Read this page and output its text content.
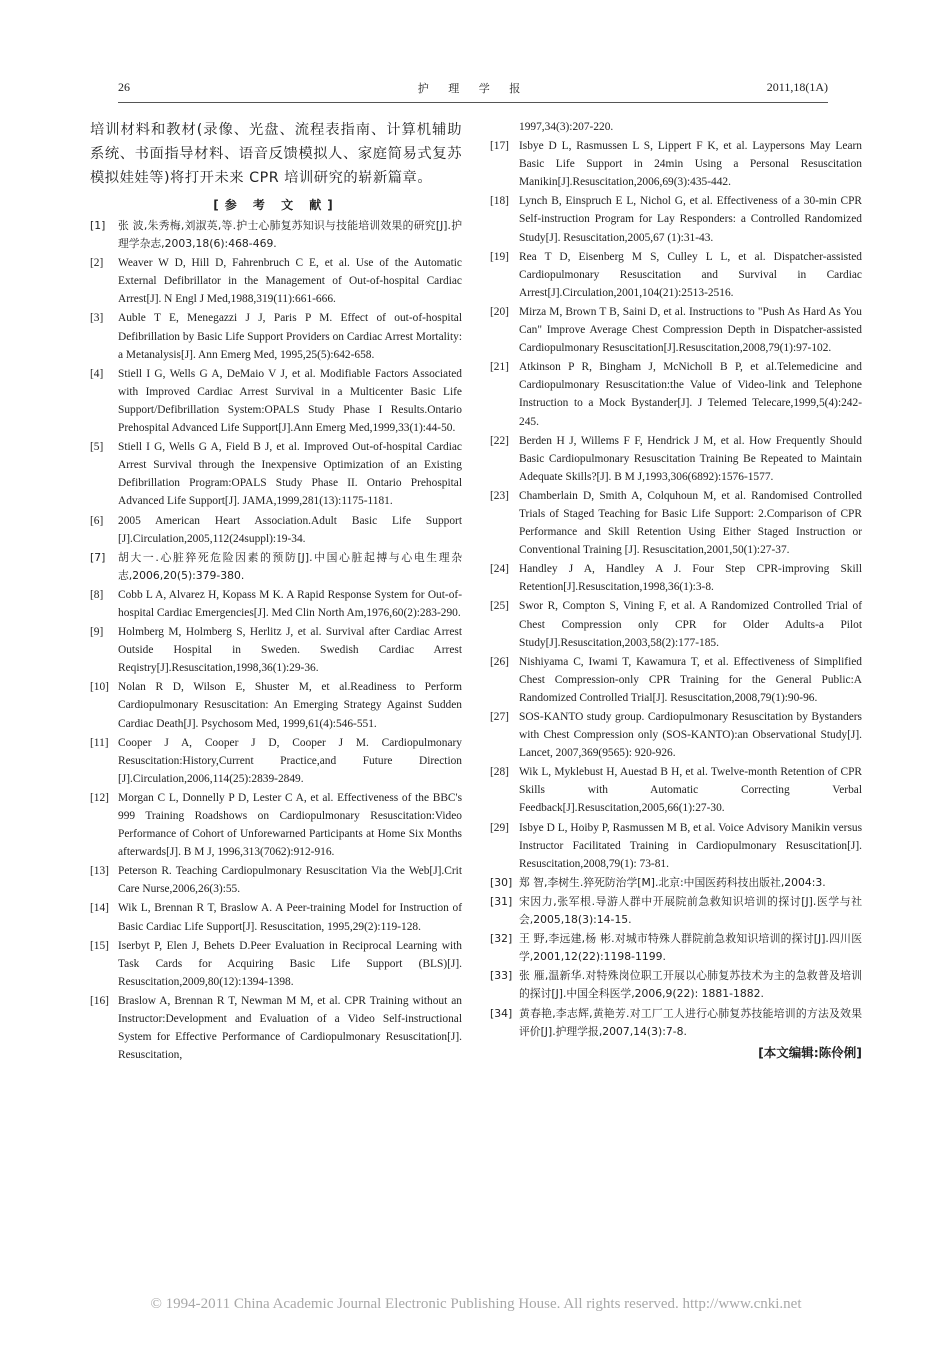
26	护 理 学 报	2011,18(1A)

培训材料和教材(录像、光盘、流程表指南、计算机辅助系统、书面指导材料、语音反馈模拟人、家庭简易式复苏模拟娃娃等)将打开未来 CPR 培训研究的崭新篇章。

[参 考 文 献]
[1] 张 波,朱秀梅,刘淑英,等.护士心肺复苏知识与技能培训效果的研究[J].护理学杂志,2003,18(6):468-469.
[2] Weaver W D, Hill D, Fahrenbruch C E, et al. Use of the Automatic External Defibrillator in the Management of Out-of-hospital Cardiac Arrest[J]. N Engl J Med,1988,319(11):661-666.
[3] Auble T E, Menegazzi J J, Paris P M. Effect of out-of-hospital Defibrillation by Basic Life Support Providers on Cardiac Arrest Mortality: a Metanalysis[J]. Ann Emerg Med, 1995,25(5):642-658.
[4] Stiell I G, Wells G A, DeMaio V J, et al. Modifiable Factors Associated with Improved Cardiac Arrest Survival in a Multicenter Basic Life Support/Defibrillation System:OPALS Study Phase I Results.Ontario Prehospital Advanced Life Support[J].Ann Emerg Med,1999,33(1):44-50.
[5] Stiell I G, Wells G A, Field B J, et al. Improved Out-of-hospital Cardiac Arrest Survival through the Inexpensive Optimization of an Existing Defibrillation Program:OPALS Study Phase II. Ontario Prehospital Advanced Life Support[J]. JAMA,1999,281(13):1175-1181.
[6] 2005 American Heart Association.Adult Basic Life Support [J].Circulation,2005,112(24suppl):19-34.
[7] 胡大一.心脏猝死危险因素的预防[J].中国心脏起搏与心电生理杂志,2006,20(5):379-380.
[8] Cobb L A, Alvarez H, Kopass M K. A Rapid Response System for Out-of-hospital Cardiac Emergencies[J]. Med Clin North Am,1976,60(2):283-290.
[9] Holmberg M, Holmberg S, Herlitz J, et al. Survival after Cardiac Arrest Outside Hospital in Sweden. Swedish Cardiac Arrest Reqistry[J].Resuscitation,1998,36(1):29-36.
[10] Nolan R D, Wilson E, Shuster M, et al.Readiness to Perform Cardiopulmonary Resuscitation: An Emerging Strategy Against Sudden Cardiac Death[J]. Psychosom Med, 1999,61(4):546-551.
[11] Cooper J A, Cooper J D, Cooper J M. Cardiopulmonary Resuscitation:History,Current Practice,and Future Direction [J].Circulation,2006,114(25):2839-2849.
[12] Morgan C L, Donnelly P D, Lester C A, et al. Effectiveness of the BBC's 999 Training Roadshows on Cardiopulmonary Resuscitation:Video Performance of Cohort of Unforewarned Participants at Home Six Months afterwards[J]. B M J, 1996,313(7062):912-916.
[13] Peterson R. Teaching Cardiopulmonary Resuscitation Via the Web[J].Crit Care Nurse,2006,26(3):55.
[14] Wik L, Brennan R T, Braslow A. A Peer-training Model for Instruction of Basic Cardiac Life Support[J]. Resuscitation, 1995,29(2):119-128.
[15] Iserbyt P, Elen J, Behets D.Peer Evaluation in Reciprocal Learning with Task Cards for Acquiring Basic Life Support (BLS)[J]. Resuscitation,2009,80(12):1394-1398.
[16] Braslow A, Brennan R T, Newman M M, et al. CPR Training without an Instructor:Development and Evaluation of a Video Self-instructional System for Effective Performance of Cardiopulmonary Resuscitation[J]. Resuscitation,
1997,34(3):207-220.
[17] Isbye D L, Rasmussen L S, Lippert F K, et al. Laypersons May Learn Basic Life Support in 24min Using a Personal Resuscitation Manikin[J].Resuscitation,2006,69(3):435-442.
[18] Lynch B, Einspruch E L, Nichol G, et al. Effectiveness of a 30-min CPR Self-instruction Program for Lay Responders: a Controlled Randomized Study[J]. Resuscitation,2005,67 (1):31-43.
[19] Rea T D, Eisenberg M S, Culley L L, et al. Dispatcher-assisted Cardiopulmonary Resuscitation and Survival in Cardiac Arrest[J].Circulation,2001,104(21):2513-2516.
[20] Mirza M, Brown T B, Saini D, et al. Instructions to "Push As Hard As You Can" Improve Average Chest Compression Depth in Dispatcher-assisted Cardiopulmonary Resuscitation[J].Resuscitation,2008,79(1):97-102.
[21] Atkinson P R, Bingham J, McNicholl B P, et al.Telemedicine and Cardiopulmonary Resuscitation:the Value of Video-link and Telephone Instruction to a Mock Bystander[J]. J Telemed Telecare,1999,5(4):242-245.
[22] Berden H J, Willems F F, Hendrick J M, et al. How Frequently Should Basic Cardiopulmonary Resuscitation Training Be Repeated to Maintain Adequate Skills?[J]. B M J,1993,306(6892):1576-1577.
[23] Chamberlain D, Smith A, Colquhoun M, et al. Randomised Controlled Trials of Staged Teaching for Basic Life Support: 2.Comparison of CPR Performance and Skill Retention Using Either Staged Instruction or Conventional Training [J]. Resuscitation,2001,50(1):27-37.
[24] Handley J A, Handley A J. Four Step CPR-improving Skill Retention[J].Resuscitation,1998,36(1):3-8.
[25] Swor R, Compton S, Vining F, et al. A Randomized Controlled Trial of Chest Compression only CPR for Older Adults-a Pilot Study[J].Resuscitation,2003,58(2):177-185.
[26] Nishiyama C, Iwami T, Kawamura T, et al. Effectiveness of Simplified Chest Compression-only CPR Training for the General Public:A Randomized Controlled Trial[J]. Resuscitation,2008,79(1):90-96.
[27] SOS-KANTO study group. Cardiopulmonary Resuscitation by Bystanders with Chest Compression only (SOS-KANTO):an Observational Study[J]. Lancet, 2007,369(9565): 920-926.
[28] Wik L, Myklebust H, Auestad B H, et al. Twelve-month Retention of CPR Skills with Automatic Correcting Verbal Feedback[J].Resuscitation,2005,66(1):27-30.
[29] Isbye D L, Hoiby P, Rasmussen M B, et al. Voice Advisory Manikin versus Instructor Facilitated Training in Cardiopulmonary Resuscitation[J]. Resuscitation,2008,79(1): 73-81.
[30] 郑 智,李树生.猝死防治学[M].北京:中国医药科技出版社,2004:3.
[31] 宋因力,张军根.导游人群中开展院前急救知识培训的探讨[J].医学与社会,2005,18(3):14-15.
[32] 王 野,李远建,杨 彬.对城市特殊人群院前急救知识培训的探讨[J].四川医学,2001,12(22):1198-1199.
[33] 张 雁,温新华.对特殊岗位职工开展以心肺复苏技术为主的急救普及培训的探讨[J].中国全科医学,2006,9(22): 1881-1882.
[34] 黄春艳,李志辉,黄艳芳.对工厂工人进行心肺复苏技能培训的方法及效果评价[J].护理学报,2007,14(3):7-8.
[本文编辑:陈伶俐]
© 1994-2011 China Academic Journal Electronic Publishing House. All rights reserved. http://www.cnki.net
